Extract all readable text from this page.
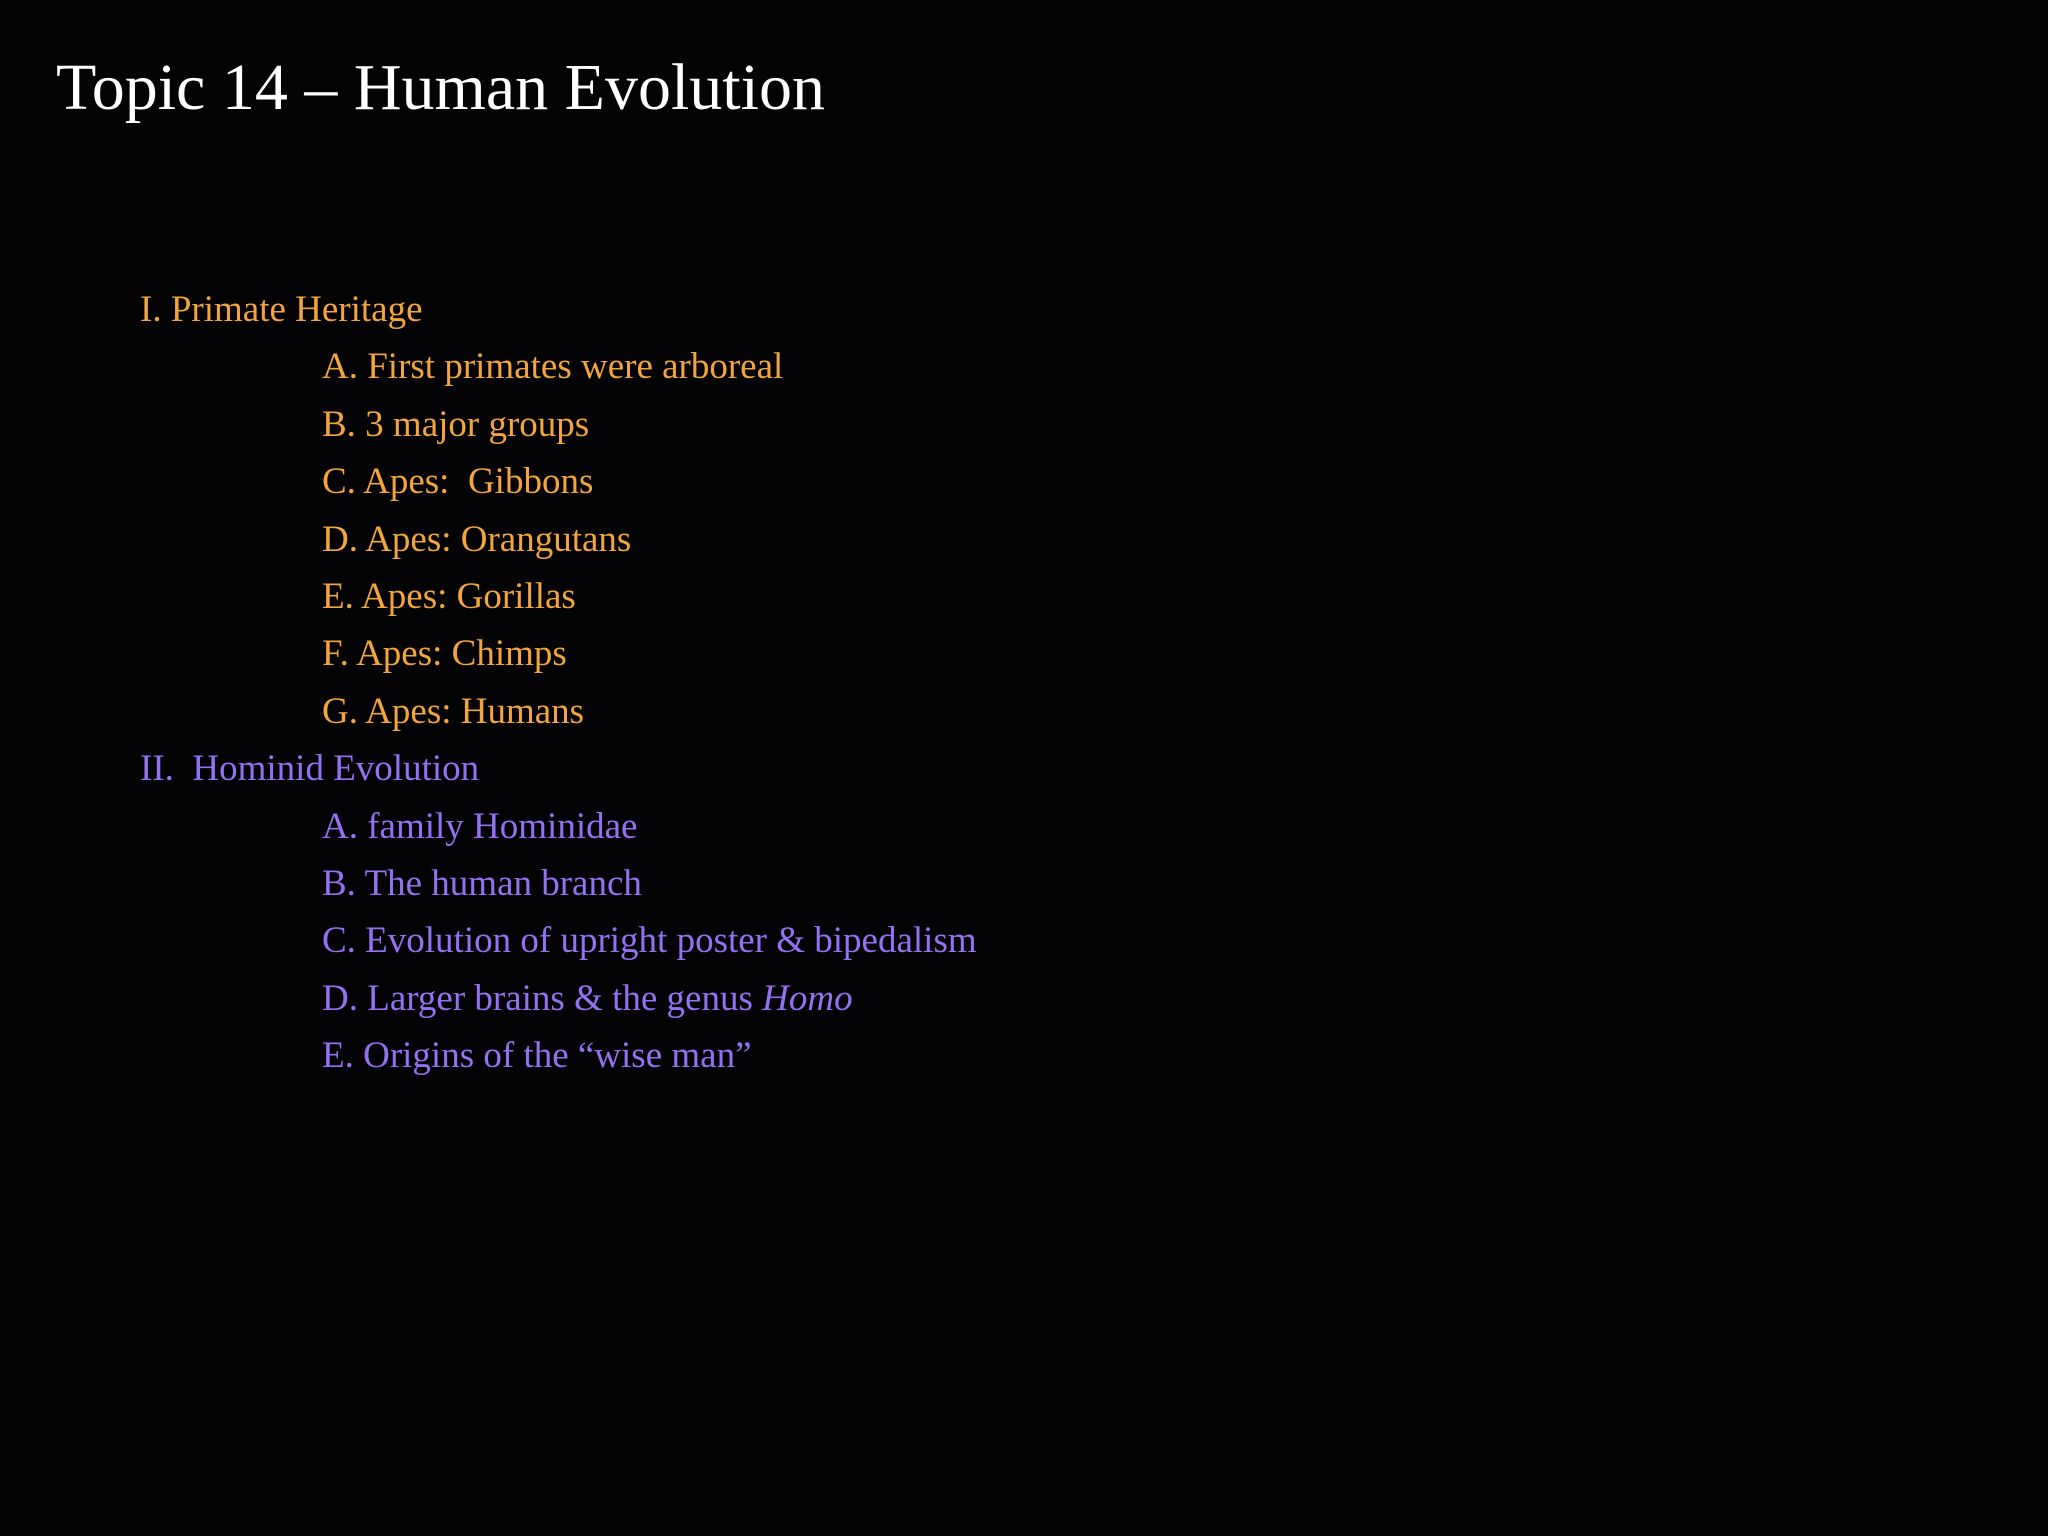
Topic 14 – Human Evolution
I. Primate Heritage
A. First primates were arboreal
B. 3 major groups
C. Apes:  Gibbons
D. Apes: Orangutans
E. Apes: Gorillas
F. Apes: Chimps
G. Apes: Humans
II.  Hominid Evolution
A. family Hominidae
B. The human branch
C. Evolution of upright poster & bipedalism
D. Larger brains & the genus Homo
E. Origins of the “wise man”
